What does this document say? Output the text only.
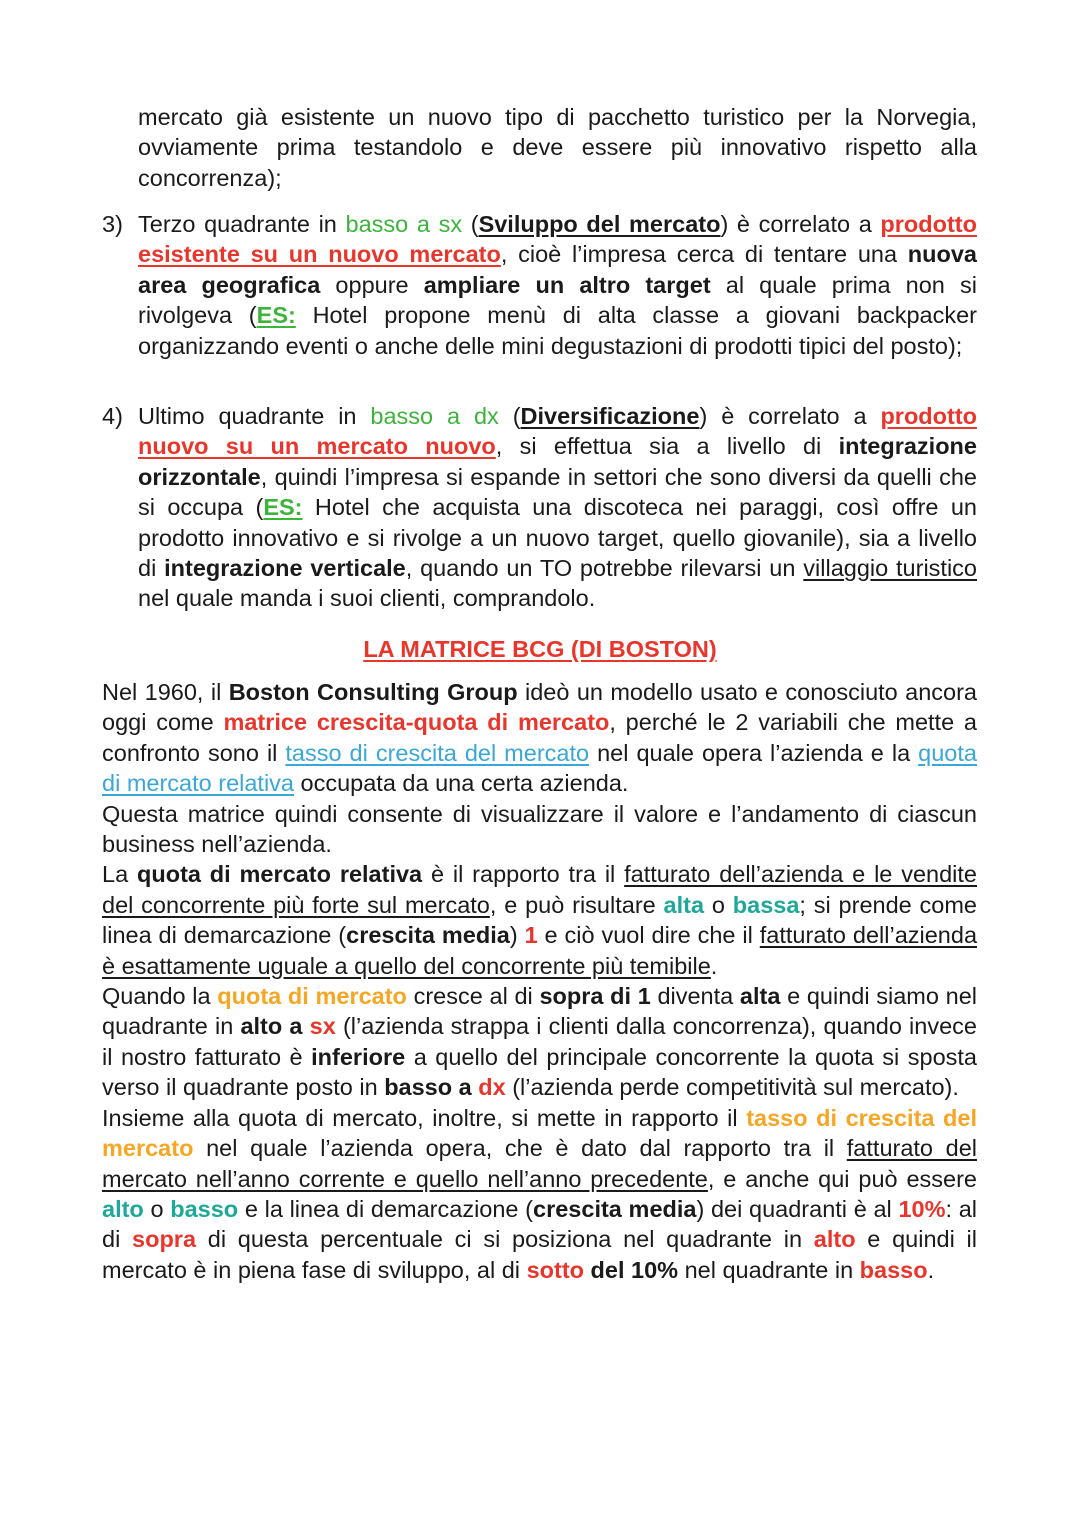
mercato già esistente un nuovo tipo di pacchetto turistico per la Norvegia, ovviamente prima testandolo e deve essere più innovativo rispetto alla concorrenza);

3) Terzo quadrante in basso a sx (Sviluppo del mercato) è correlato a prodotto esistente su un nuovo mercato, cioè l’impresa cerca di tentare una nuova area geografica oppure ampliare un altro target al quale prima non si rivolgeva (ES: Hotel propone menù di alta classe a giovani backpacker organizzando eventi o anche delle mini degustazioni di prodotti tipici del posto);
4) Ultimo quadrante in basso a dx (Diversificazione) è correlato a prodotto nuovo su un mercato nuovo, si effettua sia a livello di integrazione orizzontale, quindi l’impresa si espande in settori che sono diversi da quelli che si occupa (ES: Hotel che acquista una discoteca nei paraggi, così offre un prodotto innovativo e si rivolge a un nuovo target, quello giovanile), sia a livello di integrazione verticale, quando un TO potrebbe rilevarsi un villaggio turistico nel quale manda i suoi clienti, comprandolo.
LA MATRICE BCG (DI BOSTON)
Nel 1960, il Boston Consulting Group ideò un modello usato e conosciuto ancora oggi come matrice crescita-quota di mercato, perché le 2 variabili che mette a confronto sono il tasso di crescita del mercato nel quale opera l’azienda e la quota di mercato relativa occupata da una certa azienda.
Questa matrice quindi consente di visualizzare il valore e l’andamento di ciascun business nell’azienda.
La quota di mercato relativa è il rapporto tra il fatturato dell’azienda e le vendite del concorrente più forte sul mercato, e può risultare alta o bassa; si prende come linea di demarcazione (crescita media) 1 e ciò vuol dire che il fatturato dell’azienda è esattamente uguale a quello del concorrente più temibile.
Quando la quota di mercato cresce al di sopra di 1 diventa alta e quindi siamo nel quadrante in alto a sx (l’azienda strappa i clienti dalla concorrenza), quando invece il nostro fatturato è inferiore a quello del principale concorrente la quota si sposta verso il quadrante posto in basso a dx (l’azienda perde competitività sul mercato).
Insieme alla quota di mercato, inoltre, si mette in rapporto il tasso di crescita del mercato nel quale l’azienda opera, che è dato dal rapporto tra il fatturato del mercato nell’anno corrente e quello nell’anno precedente, e anche qui può essere alto o basso e la linea di demarcazione (crescita media) dei quadranti è al 10%: al di sopra di questa percentuale ci si posiziona nel quadrante in alto e quindi il mercato è in piena fase di sviluppo, al di sotto del 10% nel quadrante in basso.
